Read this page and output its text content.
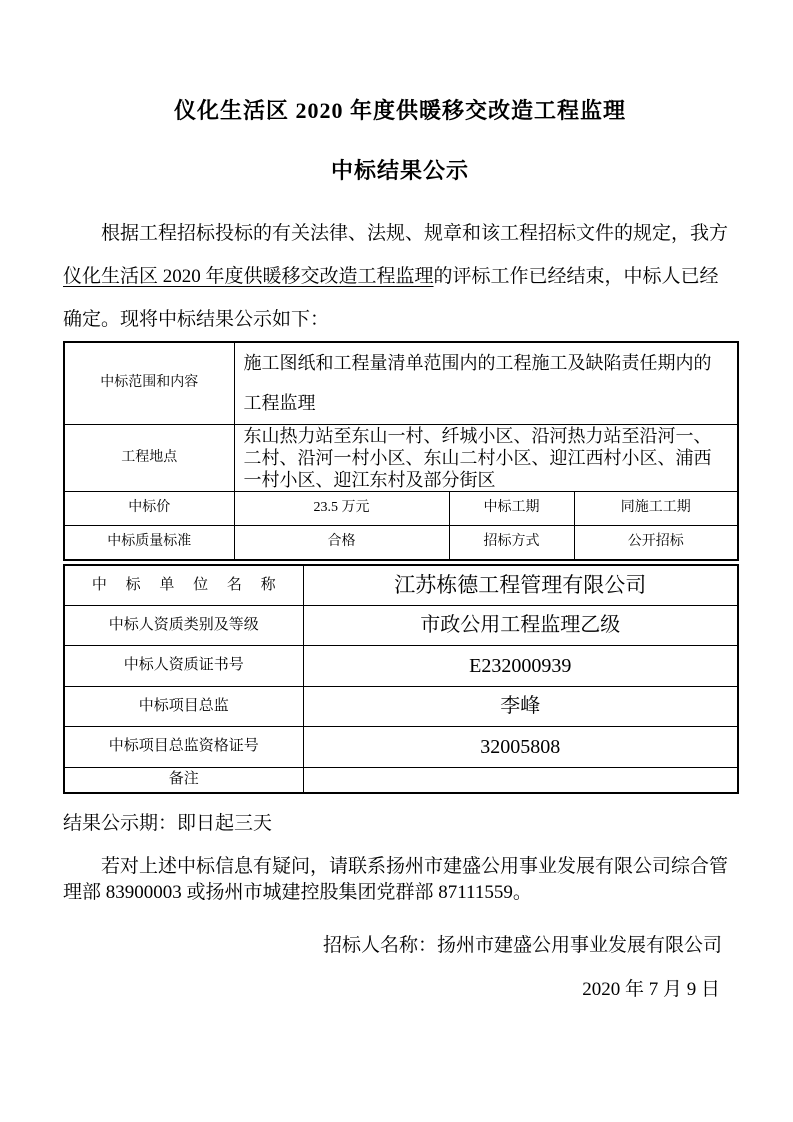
仪化生活区 2020 年度供暖移交改造工程监理
中标结果公示
根据工程招标投标的有关法律、法规、规章和该工程招标文件的规定，我方
仪化生活区 2020 年度供暖移交改造工程监理的评标工作已经结束，中标人已经
确定。现将中标结果公示如下：
中标范围和内容	施工图纸和工程量清单范围内的工程施工及缺陷责任期内的工程监理		
工程地点	东山热力站至东山一村、纤城小区、沿河热力站至沿河一、二村、沿河一村小区、东山二村小区、迎江西村小区、浦西一村小区、迎江东村及部分街区		
中标价	23.5 万元	中标工期	同施工工期
中标质量标准	合格	招标方式	公开招标
中 标 单 位 名 称	江苏栋德工程管理有限公司
中标人资质类别及等级	市政公用工程监理乙级
中标人资质证书号	E232000939
中标项目总监	李峰
中标项目总监资格证号	32005808
备注	
结果公示期：即日起三天
若对上述中标信息有疑问，请联系扬州市建盛公用事业发展有限公司综合管
理部 83900003 或扬州市城建控股集团党群部 87111559。
招标人名称：扬州市建盛公用事业发展有限公司
2020 年 7 月 9 日
